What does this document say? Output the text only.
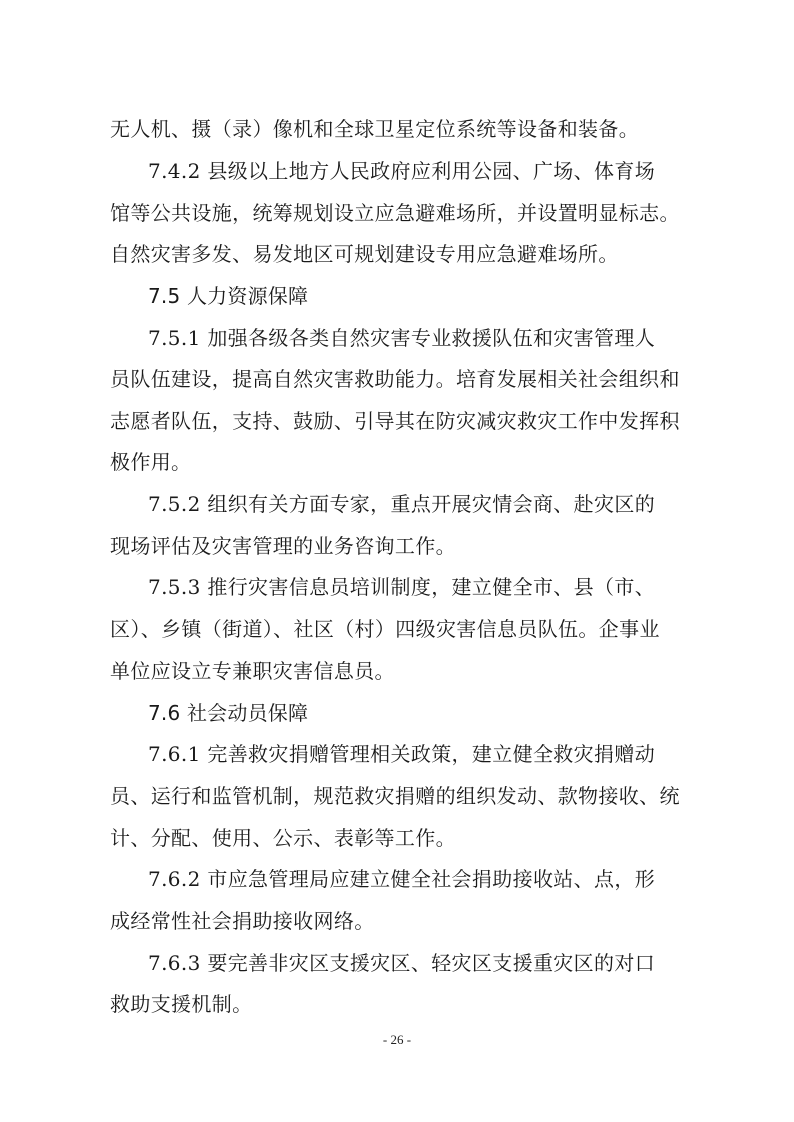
无人机、摄（录）像机和全球卫星定位系统等设备和装备。
7.4.2 县级以上地方人民政府应利用公园、广场、体育场
馆等公共设施，统筹规划设立应急避难场所，并设置明显标志。
自然灾害多发、易发地区可规划建设专用应急避难场所。
7.5 人力资源保障
7.5.1 加强各级各类自然灾害专业救援队伍和灾害管理人
员队伍建设，提高自然灾害救助能力。培育发展相关社会组织和
志愿者队伍，支持、鼓励、引导其在防灾减灾救灾工作中发挥积
极作用。
7.5.2 组织有关方面专家，重点开展灾情会商、赴灾区的
现场评估及灾害管理的业务咨询工作。
7.5.3 推行灾害信息员培训制度，建立健全市、县（市、
区）、乡镇（街道）、社区（村）四级灾害信息员队伍。企事业
单位应设立专兼职灾害信息员。
7.6 社会动员保障
7.6.1 完善救灾捐赠管理相关政策，建立健全救灾捐赠动
员、运行和监管机制，规范救灾捐赠的组织发动、款物接收、统
计、分配、使用、公示、表彰等工作。
7.6.2 市应急管理局应建立健全社会捐助接收站、点，形
成经常性社会捐助接收网络。
7.6.3 要完善非灾区支援灾区、轻灾区支援重灾区的对口
救助支援机制。
- 26 -
